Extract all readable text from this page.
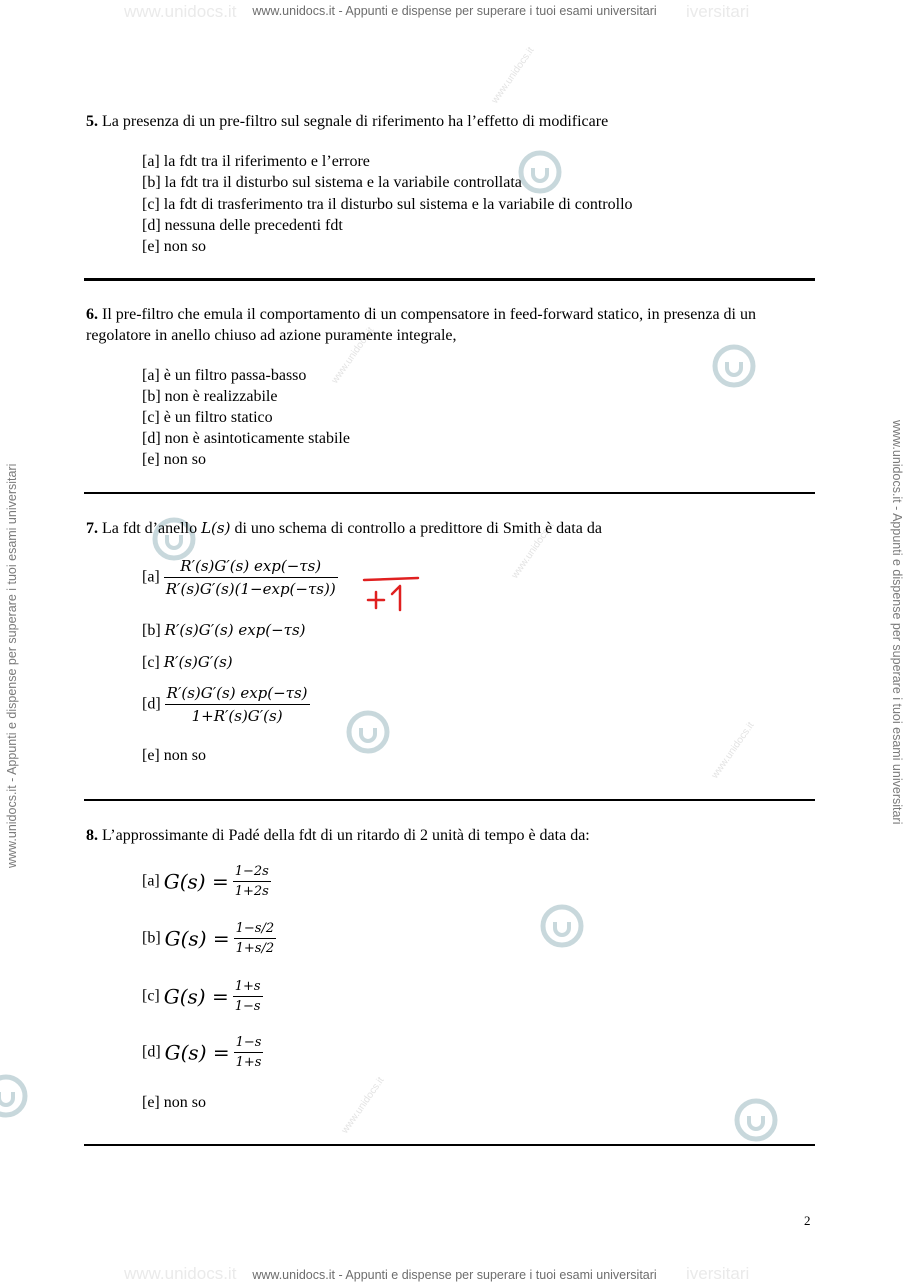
www.unidocs.it	iversitari
www.unidocs.it - Appunti e dispense per superare i tuoi esami universitari
www.unidocs.it	iversitari
www.unidocs.it - Appunti e dispense per superare i tuoi esami universitari
www.unidocs.it - Appunti e dispense per superare i tuoi esami universitari	www.unidocs.it - Appunti e dispense per superare i tuoi esami universitari
www.unidocs.it
www.unidocs.it
www.unidocs.it
www.unidocs.it
www.unidocs.it
5. La presenza di un pre-filtro sul segnale di riferimento ha l’effetto di modificare
[a] la fdt tra il riferimento e l’errore
[b] la fdt tra il disturbo sul sistema e la variabile controllata
[c] la fdt di trasferimento tra il disturbo sul sistema e la variabile di controllo
[d] nessuna delle precedenti fdt
[e] non so
6. Il pre-filtro che emula il comportamento di un compensatore in feed-forward statico, in presenza di un regolatore in anello chiuso ad azione puramente integrale,
[a] è un filtro passa-basso
[b] non è realizzabile
[c] è un filtro statico
[d] non è asintoticamente stabile
[e] non so
7. La fdt d’anello L(s) di uno schema di controllo a predittore di Smith è data da
$[a] \frac{R'(s)G'(s) \exp(-\tau s)}{R'(s)G'(s)(1-\exp(-\tau s))}$
[b] R′(s)G′(s) exp(−τs)
[c] R′(s)G′(s)
$[d] \frac{R'(s)G'(s) \exp(-\tau s)}{1+R'(s)G'(s)}$
[e] non so
8. L’approssimante di Padé della fdt di un ritardo di 2 unità di tempo è data da:
[a] $G(s) = \frac{1-2s}{1+2s}$
[b] $G(s) = \frac{1-s/2}{1+s/2}$
[c] $G(s) = \frac{1+s}{1-s}$
[d] $G(s) = \frac{1-s}{1+s}$
[e] non so
2
